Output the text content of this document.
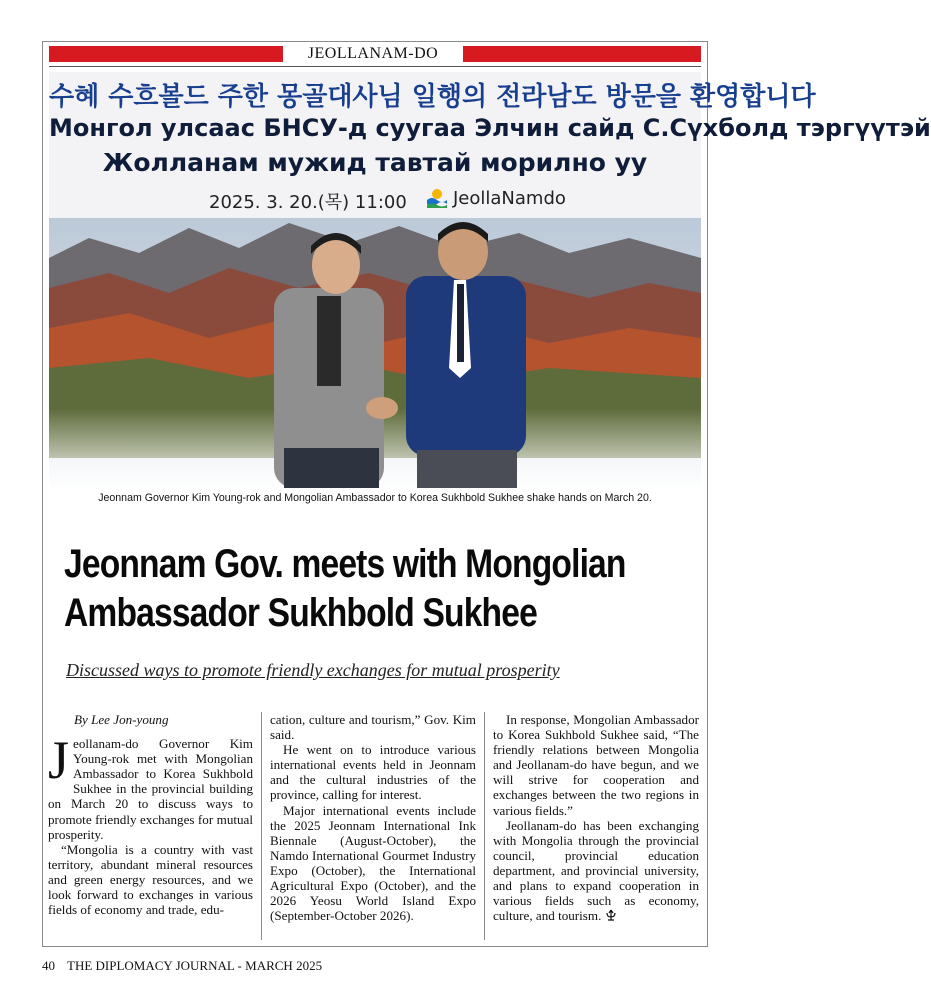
JEOLLANAM-DO
수혜 수흐볼드 주한 몽골대사님 일행의 전라남도 방문을 환영합니다
Монгол улсаас БНСУ-д суугаа Элчин сайд С.Сүхболд тэргүүтэй
Жолланам мужид тавтай морилно уу
2025. 3. 20.(목) 11:00	JeollaNamdo
Jeonnam Governor Kim Young-rok and Mongolian Ambassador to Korea Sukhbold Sukhee shake hands on March 20.
Jeonnam Gov. meets with Mongolian
Ambassador Sukhbold Sukhee
Discussed ways to promote friendly exchanges for mutual prosperity

By Lee Jon-young

Jeollanam-do Governor Kim Young-rok met with Mongolian Ambassador to Korea Sukhbold Sukhee in the provincial building on March 20 to discuss ways to promote friendly exchanges for mutual prosperity.

“Mongolia is a country with vast territory, abundant mineral resources and green energy resources, and we look forward to exchanges in various fields of economy and trade, edu-

cation, culture and tourism,” Gov. Kim said.

He went on to introduce various international events held in Jeonnam and the cultural industries of the province, calling for interest.

Major international events include the 2025 Jeonnam International Ink Biennale (August-October), the Namdo International Gourmet Industry Expo (October), the International Agricultural Expo (October), and the 2026 Yeosu World Island Expo (September-October 2026).

In response, Mongolian Ambassador to Korea Sukhbold Sukhee said, “The friendly relations between Mongolia and Jeollanam-do have begun, and we will strive for cooperation and exchanges between the two regions in various fields.”

Jeollanam-do has been exchanging with Mongolia through the provincial council, provincial education department, and provincial university, and plans to expand cooperation in various fields such as economy, culture, and tourism.

40 THE DIPLOMACY JOURNAL - MARCH 2025
